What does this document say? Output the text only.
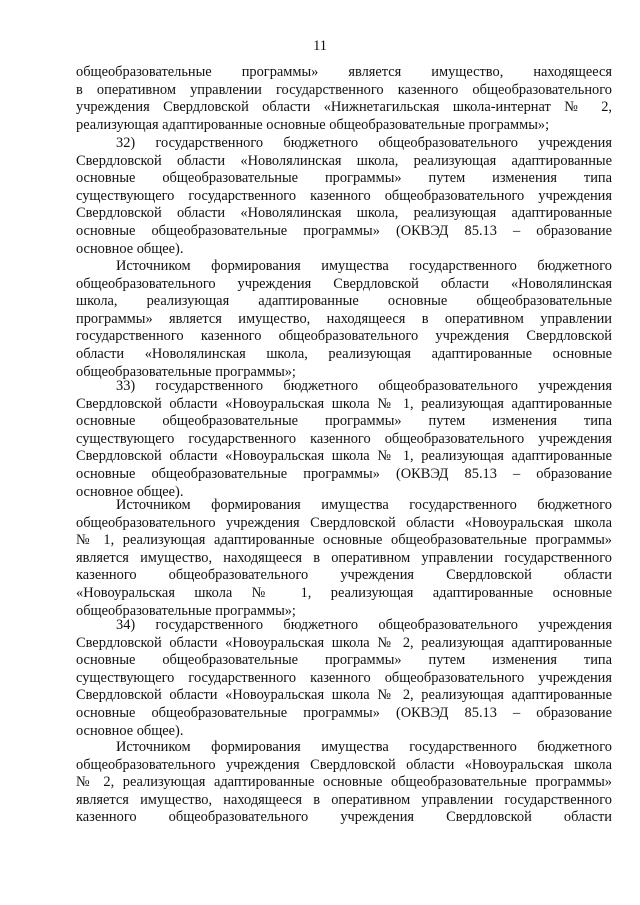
11
общеобразовательные программы» является имущество, находящееся
в оперативном управлении государственного казенного общеобразовательного
учреждения Свердловской области «Нижнетагильская школа-интернат № 2,
реализующая адаптированные основные общеобразовательные программы»;
32) государственного бюджетного общеобразовательного учреждения
Свердловской области «Новолялинская школа, реализующая адаптированные
основные общеобразовательные программы» путем изменения типа
существующего государственного казенного общеобразовательного учреждения
Свердловской области «Новолялинская школа, реализующая адаптированные
основные общеобразовательные программы» (ОКВЭД 85.13 – образование
основное общее).
Источником формирования имущества государственного бюджетного
общеобразовательного учреждения Свердловской области «Новолялинская
школа, реализующая адаптированные основные общеобразовательные
программы» является имущество, находящееся в оперативном управлении
государственного казенного общеобразовательного учреждения Свердловской
области «Новолялинская школа, реализующая адаптированные основные
общеобразовательные программы»;
33) государственного бюджетного общеобразовательного учреждения
Свердловской области «Новоуральская школа № 1, реализующая адаптированные
основные общеобразовательные программы» путем изменения типа
существующего государственного казенного общеобразовательного учреждения
Свердловской области «Новоуральская школа № 1, реализующая адаптированные
основные общеобразовательные программы» (ОКВЭД 85.13 – образование
основное общее).
Источником формирования имущества государственного бюджетного
общеобразовательного учреждения Свердловской области «Новоуральская школа
№ 1, реализующая адаптированные основные общеобразовательные программы»
является имущество, находящееся в оперативном управлении государственного
казенного общеобразовательного учреждения Свердловской области
«Новоуральская школа № 1, реализующая адаптированные основные
общеобразовательные программы»;
34) государственного бюджетного общеобразовательного учреждения
Свердловской области «Новоуральская школа № 2, реализующая адаптированные
основные общеобразовательные программы» путем изменения типа
существующего государственного казенного общеобразовательного учреждения
Свердловской области «Новоуральская школа № 2, реализующая адаптированные
основные общеобразовательные программы» (ОКВЭД 85.13 – образование
основное общее).
Источником формирования имущества государственного бюджетного
общеобразовательного учреждения Свердловской области «Новоуральская школа
№ 2, реализующая адаптированные основные общеобразовательные программы»
является имущество, находящееся в оперативном управлении государственного
казенного общеобразовательного учреждения Свердловской области
